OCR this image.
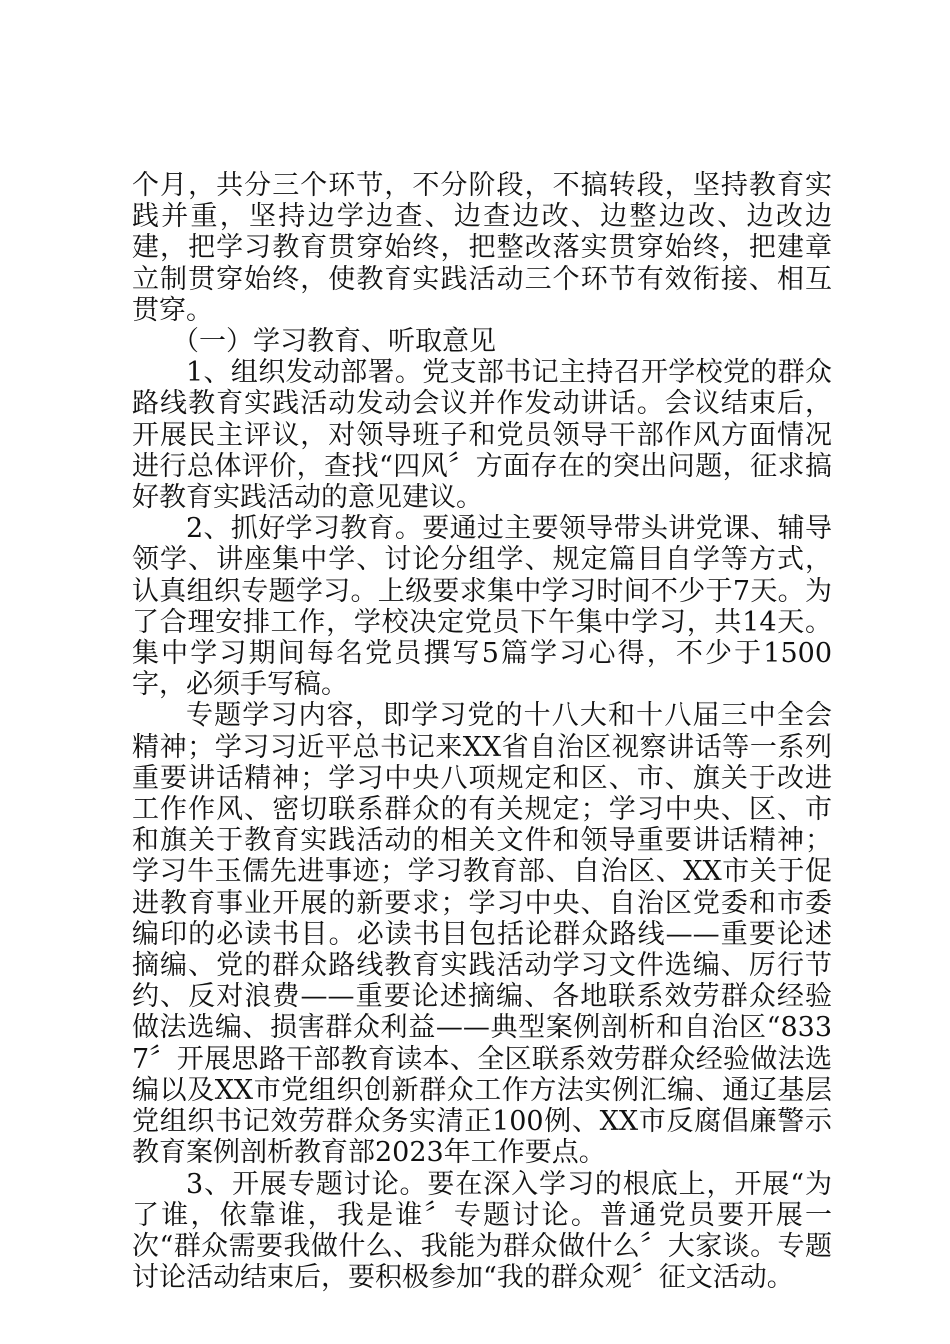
个月，共分三个环节，不分阶段，不搞转段，坚持教育实践并重，坚持边学边查、边查边改、边整边改、边改边建，把学习教育贯穿始终，把整改落实贯穿始终，把建章立制贯穿始终，使教育实践活动三个环节有效衔接、相互贯穿。

（一）学习教育、听取意见

1、组织发动部署。党支部书记主持召开学校党的群众路线教育实践活动发动会议并作发动讲话。会议结束后，开展民主评议，对领导班子和党员领导干部作风方面情况进行总体评价，查找“四风〞方面存在的突出问题，征求搞好教育实践活动的意见建议。

2、抓好学习教育。要通过主要领导带头讲党课、辅导领学、讲座集中学、讨论分组学、规定篇目自学等方式，认真组织专题学习。上级要求集中学习时间不少于7天。为了合理安排工作，学校决定党员下午集中学习，共14天。集中学习期间每名党员撰写5篇学习心得，不少于1500字，必须手写稿。

专题学习内容，即学习党的十八大和十八届三中全会精神；学习习近平总书记来XX省自治区视察讲话等一系列重要讲话精神；学习中央八项规定和区、市、旗关于改进工作作风、密切联系群众的有关规定；学习中央、区、市和旗关于教育实践活动的相关文件和领导重要讲话精神；学习牛玉儒先进事迹；学习教育部、自治区、XX市关于促进教育事业开展的新要求；学习中央、自治区党委和市委编印的必读书目。必读书目包括论群众路线——重要论述摘编、党的群众路线教育实践活动学习文件选编、厉行节约、反对浪费——重要论述摘编、各地联系效劳群众经验做法选编、损害群众利益——典型案例剖析和自治区“8337〞开展思路干部教育读本、全区联系效劳群众经验做法选编以及XX市党组织创新群众工作方法实例汇编、通辽基层党组织书记效劳群众务实清正100例、XX市反腐倡廉警示教育案例剖析教育部2023年工作要点。

3、开展专题讨论。要在深入学习的根底上，开展“为了谁，依靠谁，我是谁〞专题讨论。普通党员要开展一次“群众需要我做什么、我能为群众做什么〞大家谈。专题讨论活动结束后，要积极参加“我的群众观〞征文活动。
